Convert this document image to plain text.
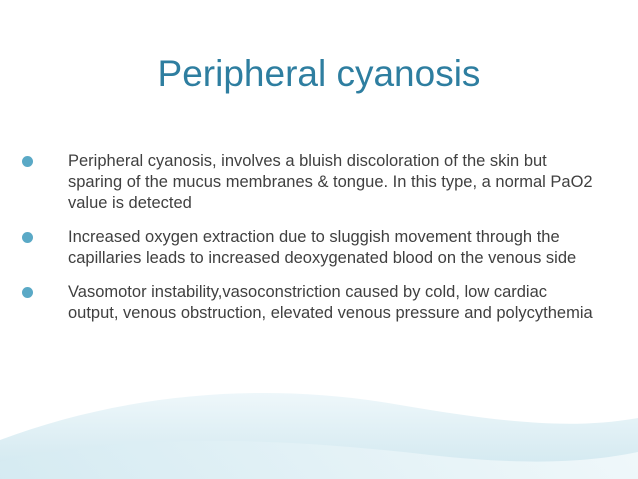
Peripheral cyanosis
Peripheral cyanosis, involves a bluish discoloration of the skin but sparing of the mucus membranes & tongue. In this type, a normal PaO2 value is detected
Increased oxygen extraction due to sluggish movement through the capillaries leads to increased deoxygenated blood on the venous side
Vasomotor instability,vasoconstriction caused by cold, low cardiac output, venous obstruction, elevated venous pressure and polycythemia
